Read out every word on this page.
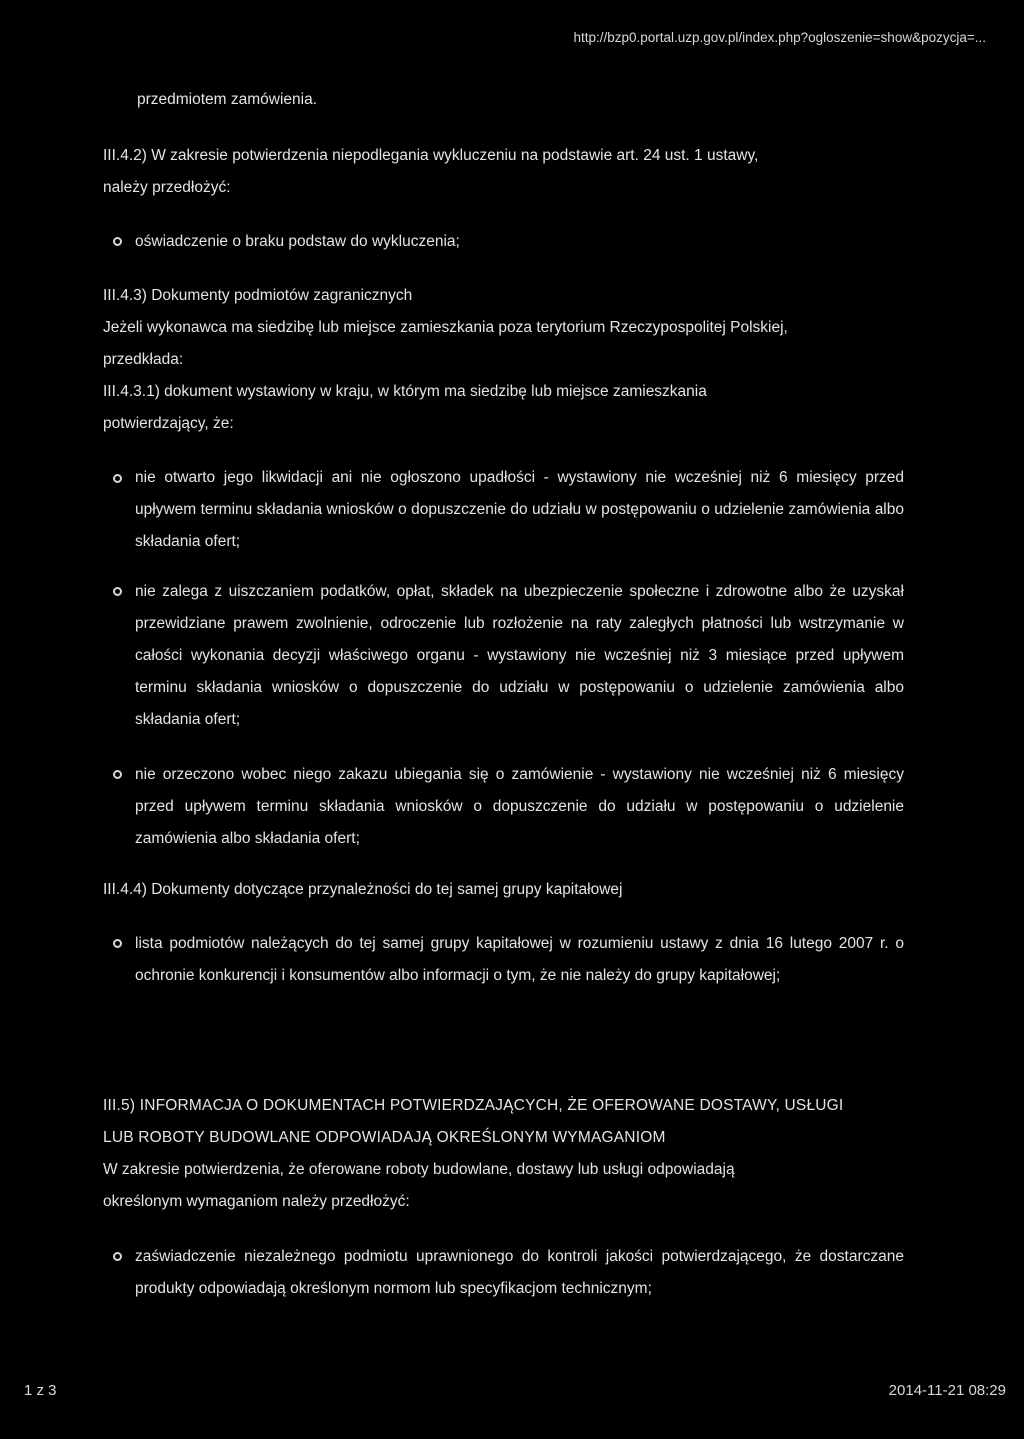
http://bzp0.portal.uzp.gov.pl/index.php?ogloszenie=show&pozycja=...
przedmiotem zamówienia.
III.4.2) W zakresie potwierdzenia niepodlegania wykluczeniu na podstawie art. 24 ust. 1 ustawy,
należy przedłożyć:
oświadczenie o braku podstaw do wykluczenia;
III.4.3) Dokumenty podmiotów zagranicznych
Jeżeli wykonawca ma siedzibę lub miejsce zamieszkania poza terytorium Rzeczypospolitej Polskiej,
przedkłada:
III.4.3.1) dokument wystawiony w kraju, w którym ma siedzibę lub miejsce zamieszkania
potwierdzający, że:
nie otwarto jego likwidacji ani nie ogłoszono upadłości - wystawiony nie wcześniej niż 6 miesięcy przed upływem terminu składania wniosków o dopuszczenie do udziału w postępowaniu o udzielenie zamówienia albo składania ofert;
nie zalega z uiszczaniem podatków, opłat, składek na ubezpieczenie społeczne i zdrowotne albo że uzyskał przewidziane prawem zwolnienie, odroczenie lub rozłożenie na raty zaległych płatności lub wstrzymanie w całości wykonania decyzji właściwego organu - wystawiony nie wcześniej niż 3 miesiące przed upływem terminu składania wniosków o dopuszczenie do udziału w postępowaniu o udzielenie zamówienia albo składania ofert;
nie orzeczono wobec niego zakazu ubiegania się o zamówienie - wystawiony nie wcześniej niż 6 miesięcy przed upływem terminu składania wniosków o dopuszczenie do udziału w postępowaniu o udzielenie zamówienia albo składania ofert;
III.4.4) Dokumenty dotyczące przynależności do tej samej grupy kapitałowej
lista podmiotów należących do tej samej grupy kapitałowej w rozumieniu ustawy z dnia 16 lutego 2007 r. o ochronie konkurencji i konsumentów albo informacji o tym, że nie należy do grupy kapitałowej;
III.5) INFORMACJA O DOKUMENTACH POTWIERDZAJĄCYCH, ŻE OFEROWANE DOSTAWY, USŁUGI
LUB ROBOTY BUDOWLANE ODPOWIADAJĄ OKREŚLONYM WYMAGANIOM
W zakresie potwierdzenia, że oferowane roboty budowlane, dostawy lub usługi odpowiadają
określonym wymaganiom należy przedłożyć:
zaświadczenie niezależnego podmiotu uprawnionego do kontroli jakości potwierdzającego, że dostarczane produkty odpowiadają określonym normom lub specyfikacjom technicznym;
1 z 3	2014-11-21 08:29
